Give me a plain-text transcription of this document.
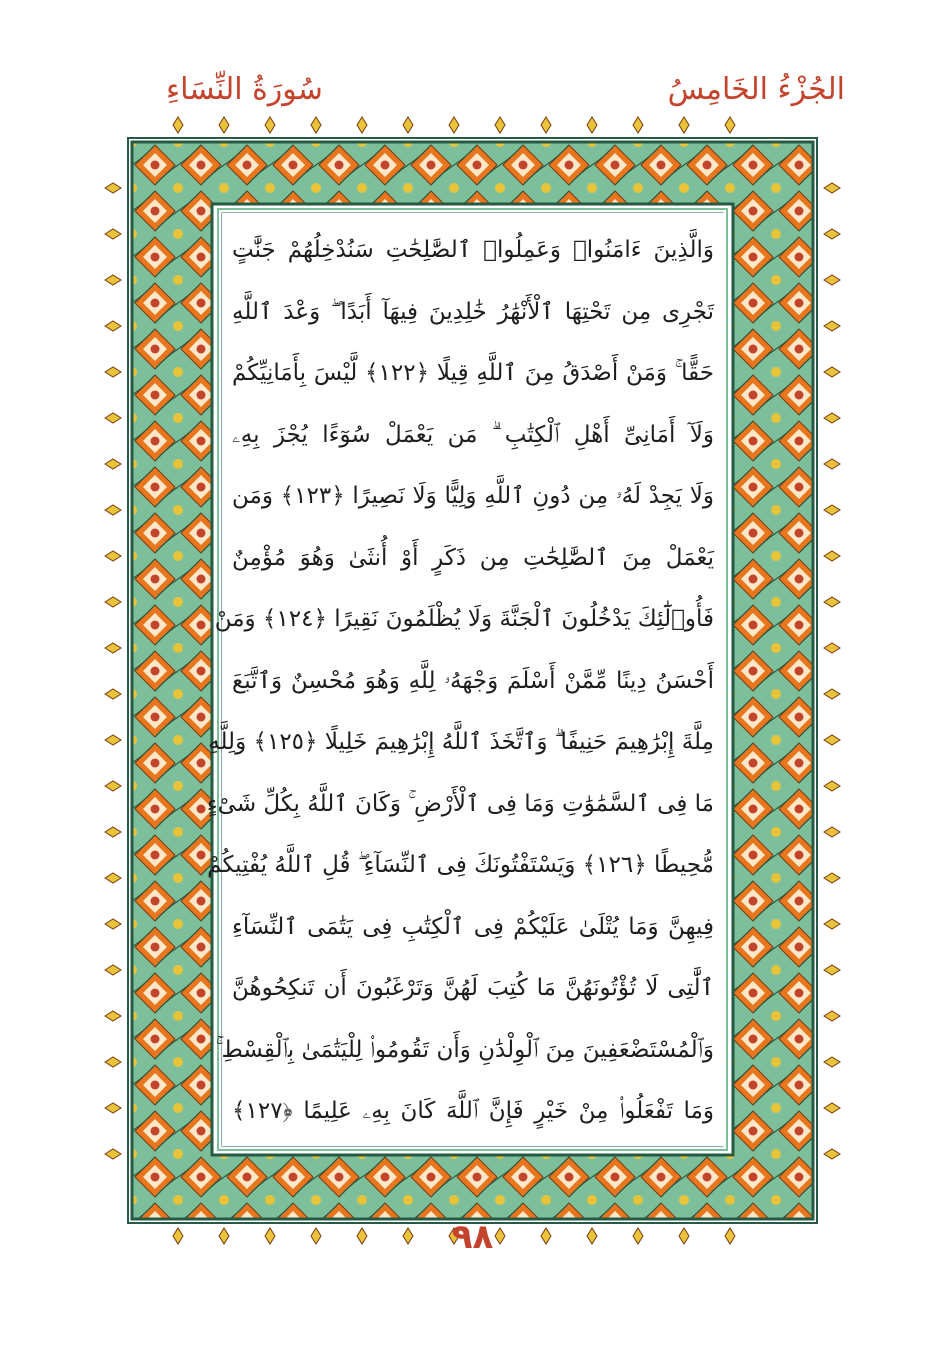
الجُزْءُ الخَامِسُ
سُورَةُ النِّسَاءِ
وَالَّذِينَ ءَامَنُوا۟ وَعَمِلُوا۟ ٱلصَّٰلِحَٰتِ سَنُدْخِلُهُمْ جَنَّٰتٍ
تَجْرِى مِن تَحْتِهَا ٱلْأَنْهَٰرُ خَٰلِدِينَ فِيهَآ أَبَدًا ۖ وَعْدَ ٱللَّهِ
حَقًّا ۚ وَمَنْ أَصْدَقُ مِنَ ٱللَّهِ قِيلًا ﴿١٢٢﴾ لَّيْسَ بِأَمَانِيِّكُمْ
وَلَآ أَمَانِىِّ أَهْلِ ٱلْكِتَٰبِ ۗ مَن يَعْمَلْ سُوٓءًا يُجْزَ بِهِۦ
وَلَا يَجِدْ لَهُۥ مِن دُونِ ٱللَّهِ وَلِيًّا وَلَا نَصِيرًا ﴿١٢٣﴾ وَمَن
يَعْمَلْ مِنَ ٱلصَّٰلِحَٰتِ مِن ذَكَرٍ أَوْ أُنثَىٰ وَهُوَ مُؤْمِنٌ
فَأُو۟لَٰٓئِكَ يَدْخُلُونَ ٱلْجَنَّةَ وَلَا يُظْلَمُونَ نَقِيرًا ﴿١٢٤﴾ وَمَنْ
أَحْسَنُ دِينًا مِّمَّنْ أَسْلَمَ وَجْهَهُۥ لِلَّهِ وَهُوَ مُحْسِنٌ وَٱتَّبَعَ
مِلَّةَ إِبْرَٰهِيمَ حَنِيفًا ۗ وَٱتَّخَذَ ٱللَّهُ إِبْرَٰهِيمَ خَلِيلًا ﴿١٢٥﴾ وَلِلَّهِ
مَا فِى ٱلسَّمَٰوَٰتِ وَمَا فِى ٱلْأَرْضِ ۚ وَكَانَ ٱللَّهُ بِكُلِّ شَىْءٍ
مُّحِيطًا ﴿١٢٦﴾ وَيَسْتَفْتُونَكَ فِى ٱلنِّسَآءِ ۖ قُلِ ٱللَّهُ يُفْتِيكُمْ
فِيهِنَّ وَمَا يُتْلَىٰ عَلَيْكُمْ فِى ٱلْكِتَٰبِ فِى يَتَٰمَى ٱلنِّسَآءِ
ٱلَّٰتِى لَا تُؤْتُونَهُنَّ مَا كُتِبَ لَهُنَّ وَتَرْغَبُونَ أَن تَنكِحُوهُنَّ
وَٱلْمُسْتَضْعَفِينَ مِنَ ٱلْوِلْدَٰنِ وَأَن تَقُومُوا۟ لِلْيَتَٰمَىٰ بِٱلْقِسْطِ ۚ
وَمَا تَفْعَلُوا۟ مِنْ خَيْرٍ فَإِنَّ ٱللَّهَ كَانَ بِهِۦ عَلِيمًا ﴿١٢٧﴾
٩٨
